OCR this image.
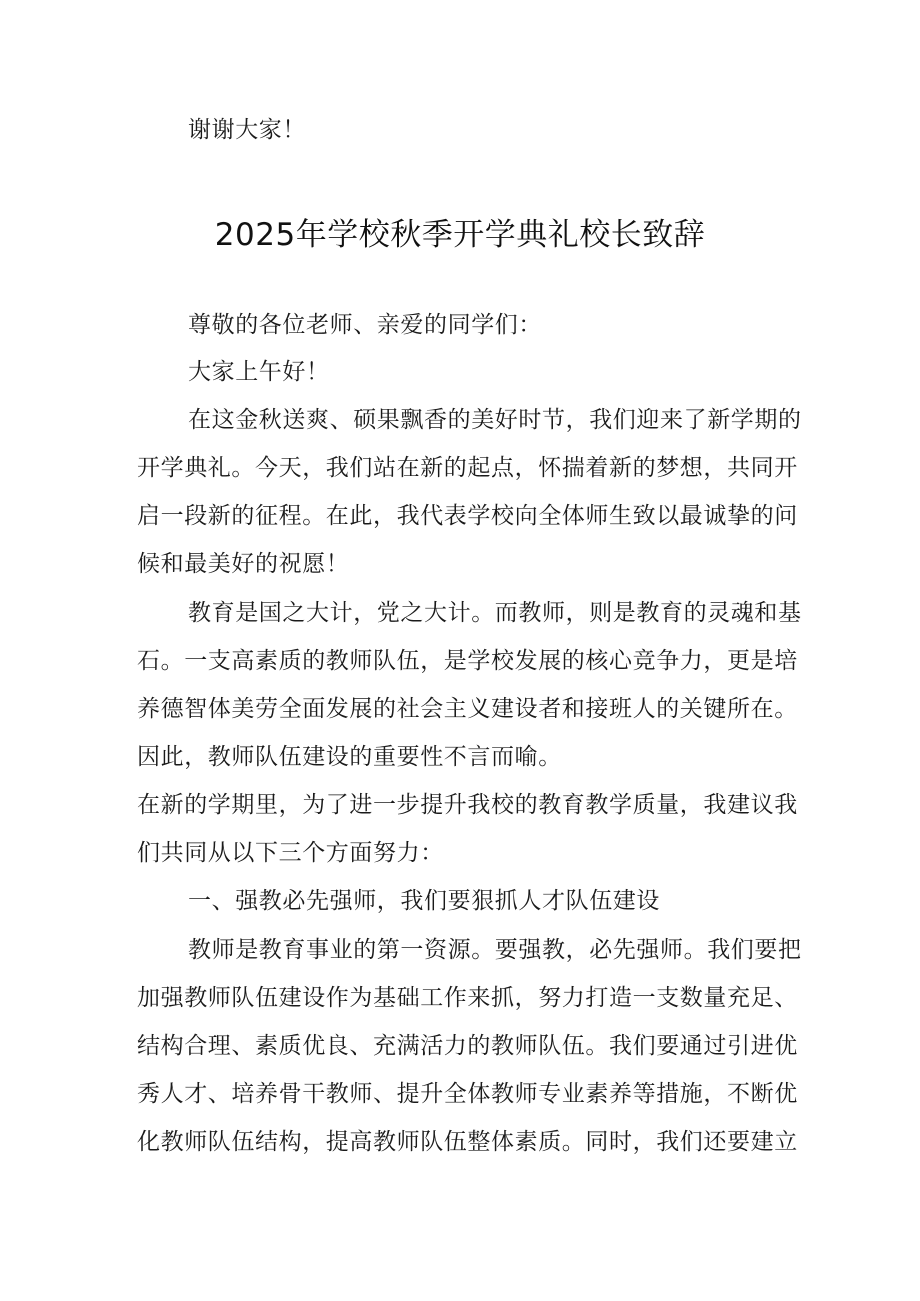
谢谢大家！
2025年学校秋季开学典礼校长致辞
尊敬的各位老师、亲爱的同学们：
大家上午好！
在这金秋送爽、硕果飘香的美好时节，我们迎来了新学期的
开学典礼。今天，我们站在新的起点，怀揣着新的梦想，共同开
启一段新的征程。在此，我代表学校向全体师生致以最诚挚的问
候和最美好的祝愿！
教育是国之大计，党之大计。而教师，则是教育的灵魂和基
石。一支高素质的教师队伍，是学校发展的核心竞争力，更是培
养德智体美劳全面发展的社会主义建设者和接班人的关键所在。
因此，教师队伍建设的重要性不言而喻。
在新的学期里，为了进一步提升我校的教育教学质量，我建议我
们共同从以下三个方面努力：
一、强教必先强师，我们要狠抓人才队伍建设
教师是教育事业的第一资源。要强教，必先强师。我们要把
加强教师队伍建设作为基础工作来抓，努力打造一支数量充足、
结构合理、素质优良、充满活力的教师队伍。我们要通过引进优
秀人才、培养骨干教师、提升全体教师专业素养等措施，不断优
化教师队伍结构，提高教师队伍整体素质。同时，我们还要建立
